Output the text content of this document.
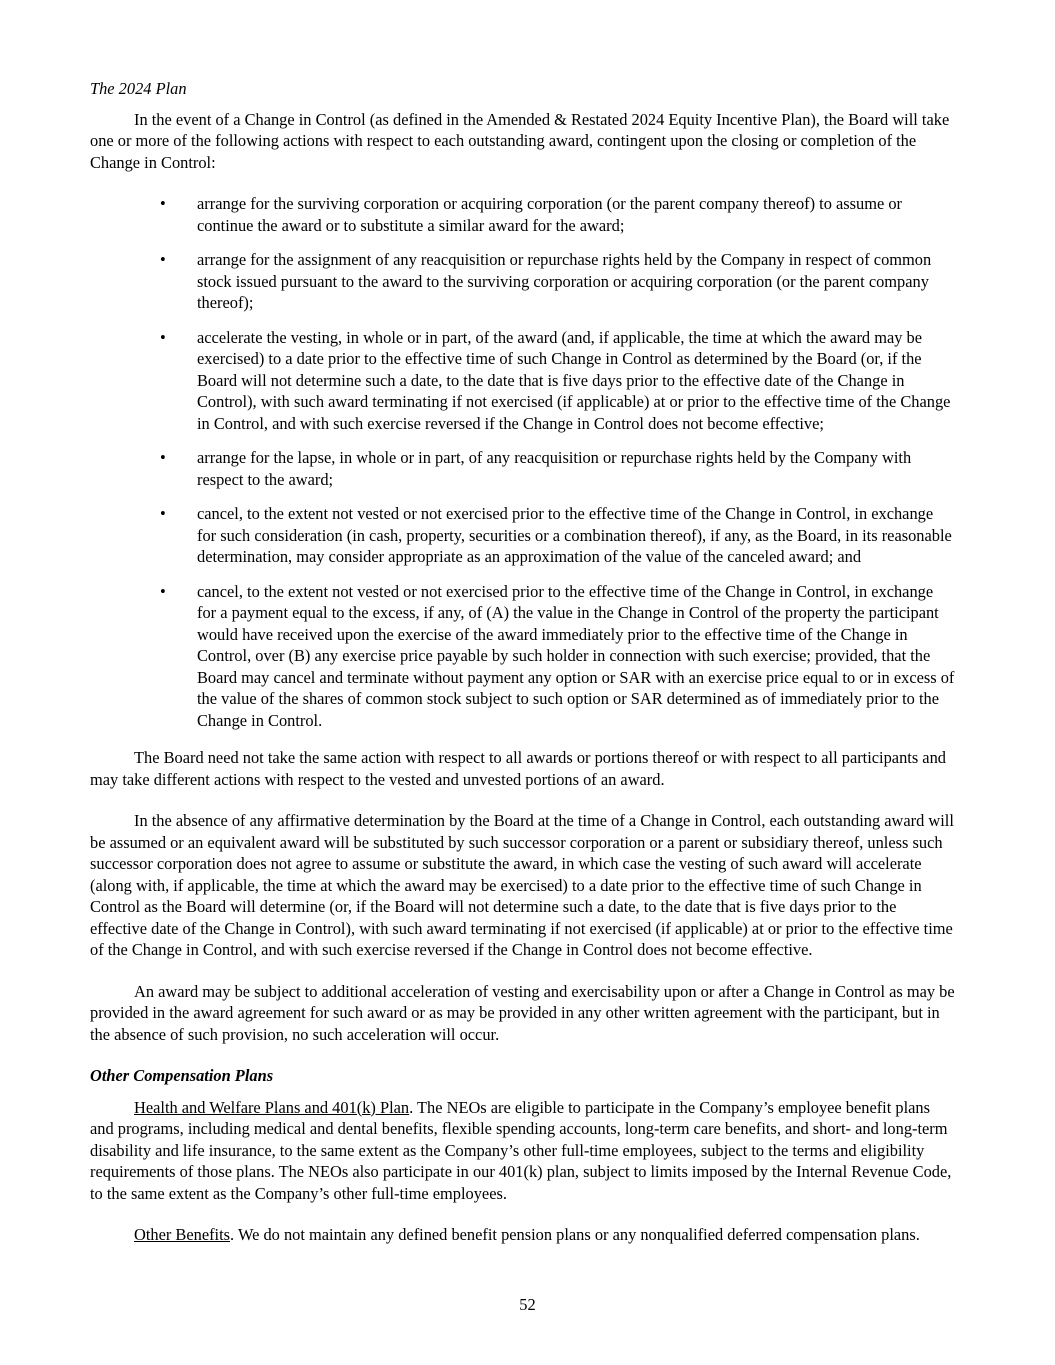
The 2024 Plan

In the event of a Change in Control (as defined in the Amended & Restated 2024 Equity Incentive Plan), the Board will take one or more of the following actions with respect to each outstanding award, contingent upon the closing or completion of the Change in Control:

• arrange for the surviving corporation or acquiring corporation (or the parent company thereof) to assume or continue the award or to substitute a similar award for the award;
• arrange for the assignment of any reacquisition or repurchase rights held by the Company in respect of common stock issued pursuant to the award to the surviving corporation or acquiring corporation (or the parent company thereof);
• accelerate the vesting, in whole or in part, of the award (and, if applicable, the time at which the award may be exercised) to a date prior to the effective time of such Change in Control as determined by the Board (or, if the Board will not determine such a date, to the date that is five days prior to the effective date of the Change in Control), with such award terminating if not exercised (if applicable) at or prior to the effective time of the Change in Control, and with such exercise reversed if the Change in Control does not become effective;
• arrange for the lapse, in whole or in part, of any reacquisition or repurchase rights held by the Company with respect to the award;
• cancel, to the extent not vested or not exercised prior to the effective time of the Change in Control, in exchange for such consideration (in cash, property, securities or a combination thereof), if any, as the Board, in its reasonable determination, may consider appropriate as an approximation of the value of the canceled award; and
• cancel, to the extent not vested or not exercised prior to the effective time of the Change in Control, in exchange for a payment equal to the excess, if any, of (A) the value in the Change in Control of the property the participant would have received upon the exercise of the award immediately prior to the effective time of the Change in Control, over (B) any exercise price payable by such holder in connection with such exercise; provided, that the Board may cancel and terminate without payment any option or SAR with an exercise price equal to or in excess of the value of the shares of common stock subject to such option or SAR determined as of immediately prior to the Change in Control.

The Board need not take the same action with respect to all awards or portions thereof or with respect to all participants and may take different actions with respect to the vested and unvested portions of an award.

In the absence of any affirmative determination by the Board at the time of a Change in Control, each outstanding award will be assumed or an equivalent award will be substituted by such successor corporation or a parent or subsidiary thereof, unless such successor corporation does not agree to assume or substitute the award, in which case the vesting of such award will accelerate (along with, if applicable, the time at which the award may be exercised) to a date prior to the effective time of such Change in Control as the Board will determine (or, if the Board will not determine such a date, to the date that is five days prior to the effective date of the Change in Control), with such award terminating if not exercised (if applicable) at or prior to the effective time of the Change in Control, and with such exercise reversed if the Change in Control does not become effective.

An award may be subject to additional acceleration of vesting and exercisability upon or after a Change in Control as may be provided in the award agreement for such award or as may be provided in any other written agreement with the participant, but in the absence of such provision, no such acceleration will occur.

Other Compensation Plans

Health and Welfare Plans and 401(k) Plan. The NEOs are eligible to participate in the Company’s employee benefit plans and programs, including medical and dental benefits, flexible spending accounts, long-term care benefits, and short- and long-term disability and life insurance, to the same extent as the Company’s other full-time employees, subject to the terms and eligibility requirements of those plans. The NEOs also participate in our 401(k) plan, subject to limits imposed by the Internal Revenue Code, to the same extent as the Company’s other full-time employees.

Other Benefits. We do not maintain any defined benefit pension plans or any nonqualified deferred compensation plans.

52
